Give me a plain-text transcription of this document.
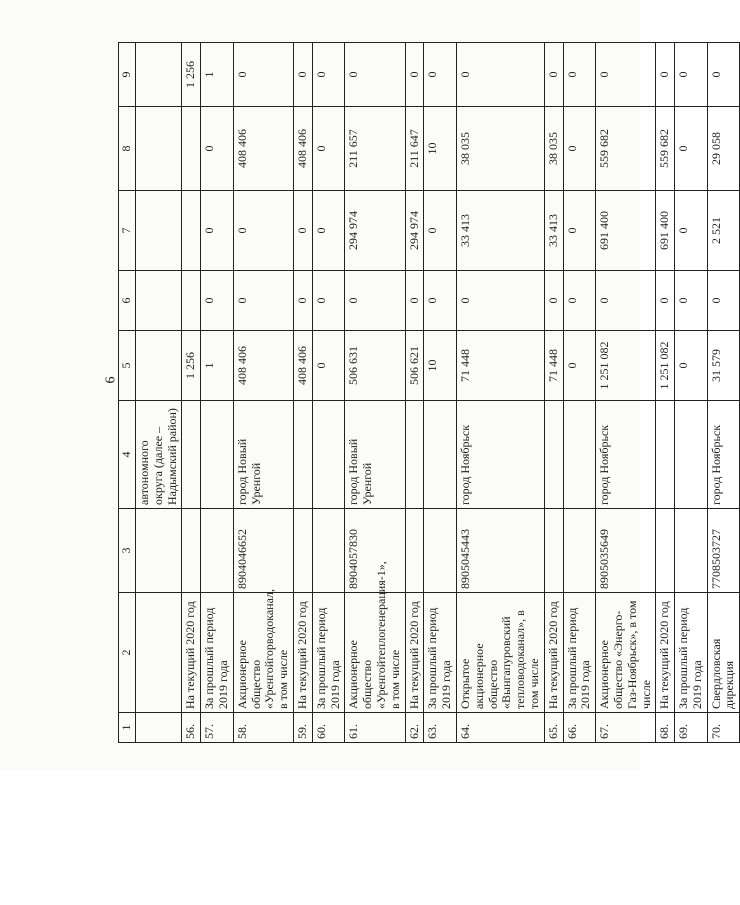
6
1	2	3	4	5	6	7	8	9
			автономного округа (далее – Надымский район)					
56.	На текущий 2020 год			1 256				1 256
57.	За прошлый период 2019 года			1	0	0	0	1
58.	Акционерное общество «Уренгойгорводоканал, в том числе	8904046652	город Новый Уренгой	408 406	0	0	408 406	0
59.	На текущий 2020 год			408 406	0	0	408 406	0
60.	За прошлый период 2019 года			0	0	0	0	0
61.	Акционерное общество «Уренгойтеплогенерация-1», в том числе	8904057830	город Новый Уренгой	506 631	0	294 974	211 657	0
62.	На текущий 2020 год			506 621	0	294 974	211 647	0
63.	За прошлый период 2019 года			10	0	0	10	0
64.	Открытое акционерное общество «Вынгапуровский тепловодоканал», в том числе	8905045443	город Ноябрьск	71 448	0	33 413	38 035	0
65.	На текущий 2020 год			71 448	0	33 413	38 035	0
66.	За прошлый период 2019 года			0	0	0	0	0
67.	Акционерное общество «Энерго-Газ-Ноябрьск», в том числе	8905035649	город Ноябрьск	1 251 082	0	691 400	559 682	0
68.	На текущий 2020 год			1 251 082	0	691 400	559 682	0
69.	За прошлый период 2019 года			0	0	0	0	0
70.	Свердловская дирекция	7708503727	город Ноябрьск	31 579	0	2 521	29 058	0
